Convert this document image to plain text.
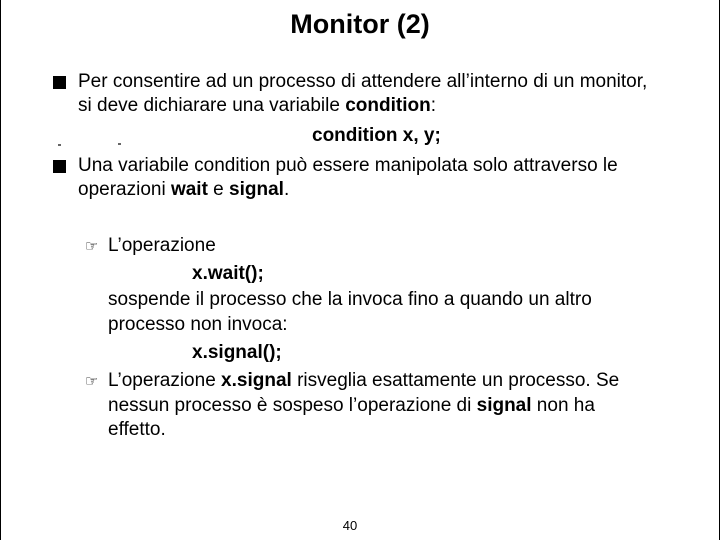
Monitor (2)
Per consentire ad un processo di attendere all’interno di un monitor,
si deve dichiarare una variabile condition:
condition x, y;
Una variabile condition può essere manipolata solo attraverso le
operazioni wait e signal.
☞ L’operazione
x.wait();
sospende il processo che la invoca fino a quando un altro
processo non invoca:
x.signal();
☞ L’operazione x.signal risveglia esattamente un processo. Se
nessun processo è sospeso l’operazione di signal non ha
effetto.
40
